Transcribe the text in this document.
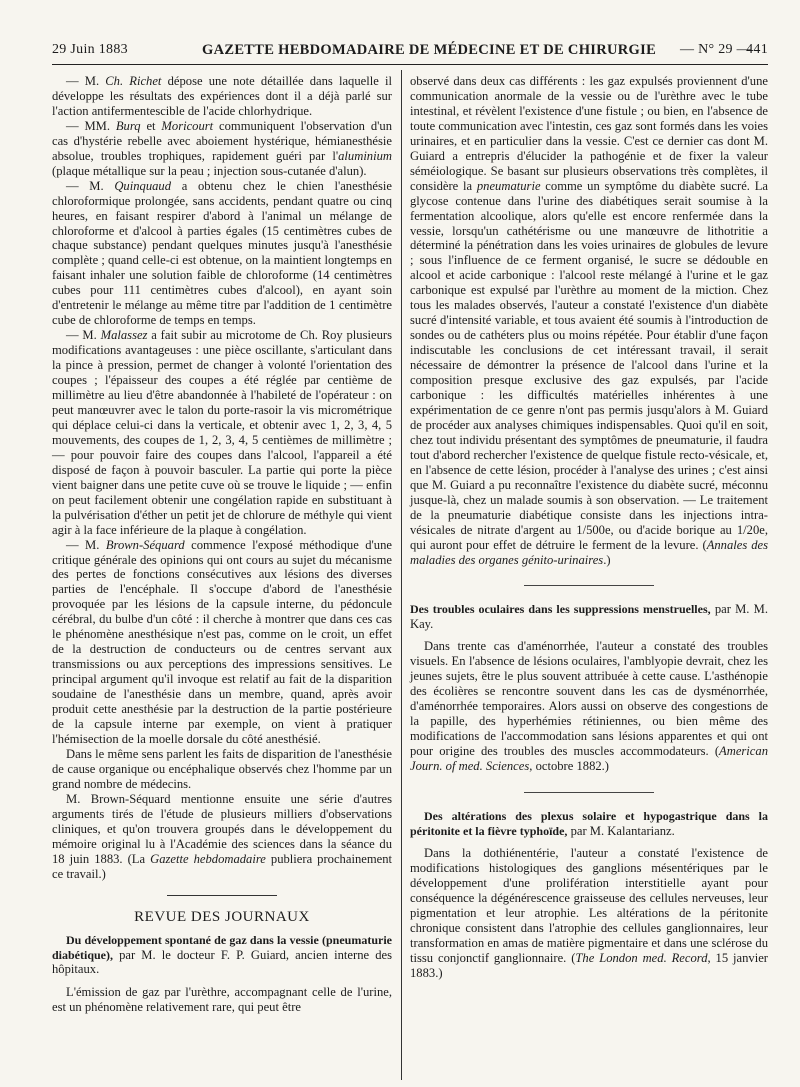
29 Juin 1883	GAZETTE HEBDOMADAIRE DE MÉDECINE ET DE CHIRURGIE — N° 29 —
441

— M. Ch. Richet dépose une note détaillée dans laquelle il développe les résultats des expériences dont il a déjà parlé sur l'action antifermentescible de l'acide chlorhydrique.

— MM. Burq et Moricourt communiquent l'observation d'un cas d'hystérie rebelle avec aboiement hystérique, hémianesthésie absolue, troubles trophiques, rapidement guéri par l'aluminium (plaque métallique sur la peau ; injection sous-cutanée d'alun).

— M. Quinquaud a obtenu chez le chien l'anesthésie chloroformique prolongée, sans accidents, pendant quatre ou cinq heures, en faisant respirer d'abord à l'animal un mélange de chloroforme et d'alcool à parties égales (15 centimètres cubes de chaque substance) pendant quelques minutes jusqu'à l'anesthésie complète ; quand celle-ci est obtenue, on la maintient longtemps en faisant inhaler une solution faible de chloroforme (14 centimètres cubes pour 111 centimètres cubes d'alcool), en ayant soin d'entretenir le mélange au même titre par l'addition de 1 centimètre cube de chloroforme de temps en temps.

— M. Malassez a fait subir au microtome de Ch. Roy plusieurs modifications avantageuses : une pièce oscillante, s'articulant dans la pince à pression, permet de changer à volonté l'orientation des coupes ; l'épaisseur des coupes a été réglée par centième de millimètre au lieu d'être abandonnée à l'habileté de l'opérateur : on peut manœuvrer avec le talon du porte-rasoir la vis micrométrique qui déplace celui-ci dans la verticale, et obtenir avec 1, 2, 3, 4, 5 mouvements, des coupes de 1, 2, 3, 4, 5 centièmes de millimètre ; — pour pouvoir faire des coupes dans l'alcool, l'appareil a été disposé de façon à pouvoir basculer. La partie qui porte la pièce vient baigner dans une petite cuve où se trouve le liquide ; — enfin on peut facilement obtenir une congélation rapide en substituant à la pulvérisation d'éther un petit jet de chlorure de méthyle qui vient agir à la face inférieure de la plaque à congélation.

— M. Brown-Séquard commence l'exposé méthodique d'une critique générale des opinions qui ont cours au sujet du mécanisme des pertes de fonctions consécutives aux lésions des diverses parties de l'encéphale. Il s'occupe d'abord de l'anesthésie provoquée par les lésions de la capsule interne, du pédoncule cérébral, du bulbe d'un côté : il cherche à montrer que dans ces cas le phénomène anesthésique n'est pas, comme on le croit, un effet de la destruction de conducteurs ou de centres servant aux transmissions ou aux perceptions des impressions sensitives. Le principal argument qu'il invoque est relatif au fait de la disparition soudaine de l'anesthésie dans un membre, quand, après avoir produit cette anesthésie par la destruction de la partie postérieure de la capsule interne par exemple, on vient à pratiquer l'hémisection de la moelle dorsale du côté anesthésié.

Dans le même sens parlent les faits de disparition de l'anesthésie de cause organique ou encéphalique observés chez l'homme par un grand nombre de médecins.

M. Brown-Séquard mentionne ensuite une série d'autres arguments tirés de l'étude de plusieurs milliers d'observations cliniques, et qu'on trouvera groupés dans le développement du mémoire original lu à l'Académie des sciences dans la séance du 18 juin 1883. (La Gazette hebdomadaire publiera prochainement ce travail.)

REVUE DES JOURNAUX

Du développement spontané de gaz dans la vessie (pneumaturie diabétique), par M. le docteur F. P. Guiard, ancien interne des hôpitaux.

L'émission de gaz par l'urèthre, accompagnant celle de l'urine, est un phénomène relativement rare, qui peut être

observé dans deux cas différents : les gaz expulsés proviennent d'une communication anormale de la vessie ou de l'urèthre avec le tube intestinal, et révèlent l'existence d'une fistule ; ou bien, en l'absence de toute communication avec l'intestin, ces gaz sont formés dans les voies urinaires, et en particulier dans la vessie. C'est ce dernier cas dont M. Guiard a entrepris d'élucider la pathogénie et de fixer la valeur séméiologique. Se basant sur plusieurs observations très complètes, il considère la pneumaturie comme un symptôme du diabète sucré. La glycose contenue dans l'urine des diabétiques serait soumise à la fermentation alcoolique, alors qu'elle est encore renfermée dans la vessie, lorsqu'un cathétérisme ou une manœuvre de lithotritie a déterminé la pénétration dans les voies urinaires de globules de levure ; sous l'influence de ce ferment organisé, le sucre se dédouble en alcool et acide carbonique : l'alcool reste mélangé à l'urine et le gaz carbonique est expulsé par l'urèthre au moment de la miction. Chez tous les malades observés, l'auteur a constaté l'existence d'un diabète sucré d'intensité variable, et tous avaient été soumis à l'introduction de sondes ou de cathéters plus ou moins répétée. Pour établir d'une façon indiscutable les conclusions de cet intéressant travail, il serait nécessaire de démontrer la présence de l'alcool dans l'urine et la composition presque exclusive des gaz expulsés, par l'acide carbonique : les difficultés matérielles inhérentes à une expérimentation de ce genre n'ont pas permis jusqu'alors à M. Guiard de procéder aux analyses chimiques indispensables. Quoi qu'il en soit, chez tout individu présentant des symptômes de pneumaturie, il faudra tout d'abord rechercher l'existence de quelque fistule recto-vésicale, et, en l'absence de cette lésion, procéder à l'analyse des urines ; c'est ainsi que M. Guiard a pu reconnaître l'existence du diabète sucré, méconnu jusque-là, chez un malade soumis à son observation. — Le traitement de la pneumaturie diabétique consiste dans les injections intra-vésicales de nitrate d'argent au 1/500e, ou d'acide borique au 1/20e, qui auront pour effet de détruire le ferment de la levure. (Annales des maladies des organes génito-urinaires.)

Des troubles oculaires dans les suppressions menstruelles, par M. M. Kay.

Dans trente cas d'aménorrhée, l'auteur a constaté des troubles visuels. En l'absence de lésions oculaires, l'amblyopie devrait, chez les jeunes sujets, être le plus souvent attribuée à cette cause. L'asthénopie des écolières se rencontre souvent dans les cas de dysménorrhée, d'aménorrhée temporaires. Alors aussi on observe des congestions de la papille, des hyperhémies rétiniennes, ou bien même des modifications de l'accommodation sans lésions apparentes et qui ont pour origine des troubles des muscles accommodateurs. (American Journ. of med. Sciences, octobre 1882.)

Des altérations des plexus solaire et hypogastrique dans la péritonite et la fièvre typhoïde, par M. Kalantarianz.

Dans la dothiénentérie, l'auteur a constaté l'existence de modifications histologiques des ganglions mésentériques par le développement d'une prolifération interstitielle ayant pour conséquence la dégénérescence graisseuse des cellules nerveuses, leur pigmentation et leur atrophie. Les altérations de la péritonite chronique consistent dans l'atrophie des cellules ganglionnaires, leur transformation en amas de matière pigmentaire et dans une sclérose du tissu conjonctif ganglionnaire. (The London med. Record, 15 janvier 1883.)
